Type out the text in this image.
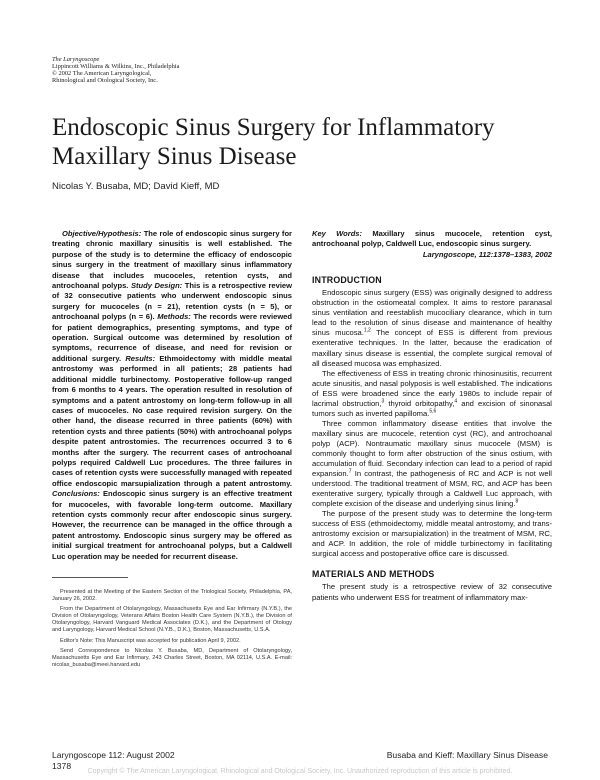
The Laryngoscope
Lippincott Williams & Wilkins, Inc., Philadelphia
© 2002 The American Laryngological,
Rhinological and Otological Society, Inc.
Endoscopic Sinus Surgery for Inflammatory Maxillary Sinus Disease
Nicolas Y. Busaba, MD; David Kieff, MD

Objective/Hypothesis: The role of endoscopic sinus surgery for treating chronic maxillary sinusitis is well established. The purpose of the study is to determine the efficacy of endoscopic sinus surgery in the treatment of maxillary sinus inflammatory disease that includes mucoceles, retention cysts, and antrochoanal polyps. Study Design: This is a retrospective review of 32 consecutive patients who underwent endoscopic sinus surgery for mucoceles (n = 21), retention cysts (n = 5), or antrochoanal polyps (n = 6). Methods: The records were reviewed for patient demographics, presenting symptoms, and type of operation. Surgical outcome was determined by resolution of symptoms, recurrence of disease, and need for revision or additional surgery. Results: Ethmoidectomy with middle meatal antrostomy was performed in all patients; 28 patients had additional middle turbinectomy. Postoperative follow-up ranged from 6 months to 4 years. The operation resulted in resolution of symptoms and a patent antrostomy on long-term follow-up in all cases of mucoceles. No case required revision surgery. On the other hand, the disease recurred in three patients (60%) with retention cysts and three patients (50%) with antrochoanal polyps despite patent antrostomies. The recurrences occurred 3 to 6 months after the surgery. The recurrent cases of antrochoanal polyps required Caldwell Luc procedures. The three failures in cases of retention cysts were successfully managed with repeated office endoscopic marsupialization through a patent antrostomy. Conclusions: Endoscopic sinus surgery is an effective treatment for mucoceles, with favorable long-term outcome. Maxillary retention cysts commonly recur after endoscopic sinus surgery. However, the recurrence can be managed in the office through a patent antrostomy. Endoscopic sinus surgery may be offered as initial surgical treatment for antrochoanal polyps, but a Caldwell Luc operation may be needed for recurrent disease.

Key Words: Maxillary sinus mucocele, retention cyst, antrochoanal polyp, Caldwell Luc, endoscopic sinus surgery.
Laryngoscope, 112:1378–1383, 2002

INTRODUCTION

Endoscopic sinus surgery (ESS) was originally designed to address obstruction in the ostiomeatal complex. It aims to restore paranasal sinus ventilation and reestablish mucociliary clearance, which in turn lead to the resolution of sinus disease and maintenance of healthy sinus mucosa.$^{1,2}$ The concept of ESS is different from previous exenterative techniques. In the latter, because the eradication of maxillary sinus disease is essential, the complete surgical removal of all diseased mucosa was emphasized.

The effectiveness of ESS in treating chronic rhinosinusitis, recurrent acute sinusitis, and nasal polyposis is well established. The indications of ESS were broadened since the early 1980s to include repair of lacrimal obstruction,$^3$ thyroid orbitopathy,$^4$ and excision of sinonasal tumors such as inverted papilloma.$^{5,6}$

Three common inflammatory disease entities that involve the maxillary sinus are mucocele, retention cyst (RC), and antrochoanal polyp (ACP). Nontraumatic maxillary sinus mucocele (MSM) is commonly thought to form after obstruction of the sinus ostium, with accumulation of fluid. Secondary infection can lead to a period of rapid expansion.$^7$ In contrast, the pathogenesis of RC and ACP is not well understood. The traditional treatment of MSM, RC, and ACP has been exenterative surgery, typically through a Caldwell Luc approach, with complete excision of the disease and underlying sinus lining.$^8$

The purpose of the present study was to determine the long-term success of ESS (ethmoidectomy, middle meatal antrostomy, and trans-antrostomy excision or marsupialization) in the treatment of MSM, RC, and ACP. In addition, the role of middle turbinectomy in facilitating surgical access and postoperative office care is discussed.

MATERIALS AND METHODS

The present study is a retrospective review of 32 consecutive patients who underwent ESS for treatment of inflammatory max-

Presented at the Meeting of the Eastern Section of the Triological Society, Philadelphia, PA, January 26, 2002.

From the Department of Otolaryngology, Massachusetts Eye and Ear Infirmary (N.Y.B.), the Division of Otolaryngology, Veterans Affairs Boston Health Care System (N.Y.B.), the Division of Otolaryngology, Harvard Vanguard Medical Associates (D.K.), and the Department of Otology and Laryngology, Harvard Medical School (N.Y.B., D.K.), Boston, Massachusetts, U.S.A.

Editor's Note: This Manuscript was accepted for publication April 9, 2002.

Send Correspondence to Nicolas Y. Busaba, MD, Department of Otolaryngology, Massachusetts Eye and Ear Infirmary, 243 Charles Street, Boston, MA 02114, U.S.A. E-mail: nicolas_busaba@meei.harvard.edu

Laryngoscope 112: August 2002
1378
Busaba and Kieff: Maxillary Sinus Disease
Copyright © The American Laryngological, Rhinological and Otological Society, Inc. Unauthorized reproduction of this article is prohibited.
